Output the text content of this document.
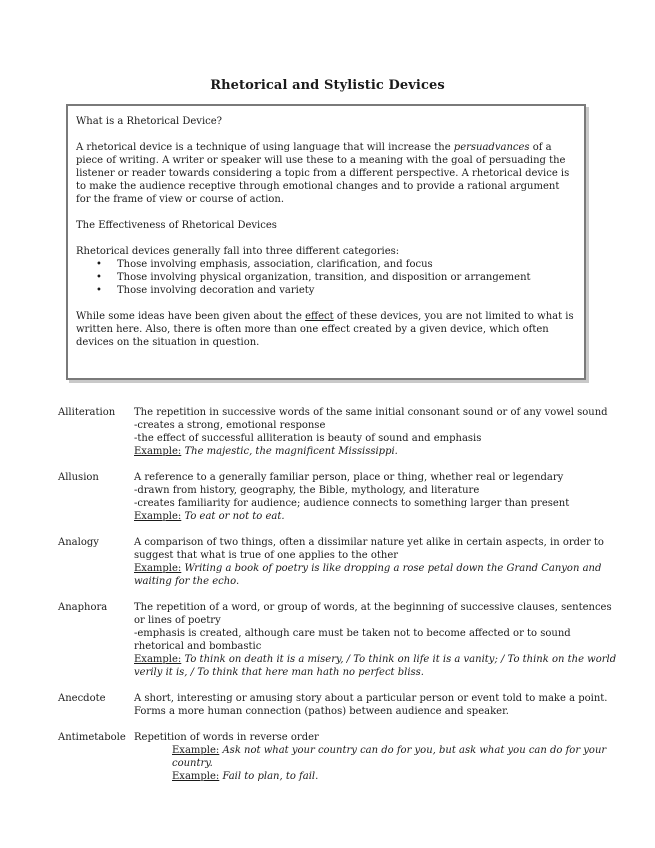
Rhetorical and Stylistic Devices

What is a Rhetorical Device?

A rhetorical device is a technique of using language that will increase the persuadvances of a piece of writing. A writer or speaker will use these to a meaning with the goal of persuading the listener or reader towards considering a topic from a different perspective. A rhetorical device is to make the audience receptive through emotional changes and to provide a rational argument for the frame of view or course of action.

The Effectiveness of Rhetorical Devices

Rhetorical devices generally fall into three different categories:

• Those involving emphasis, association, clarification, and focus
• Those involving physical organization, transition, and disposition or arrangement
• Those involving decoration and variety

While some ideas have been given about the effect of these devices, you are not limited to what is written here. Also, there is often more than one effect created by a given device, which often devices on the situation in question.

Alliteration	The repetition in successive words of the same initial consonant sound or of any vowel sound
-creates a strong, emotional response
-the effect of successful alliteration is beauty of sound and emphasis
Example: The majestic, the magnificent Mississippi.
Allusion	A reference to a generally familiar person, place or thing, whether real or legendary
-drawn from history, geography, the Bible, mythology, and literature
-creates familiarity for audience; audience connects to something larger than present
Example: To eat or not to eat.
Analogy	A comparison of two things, often a dissimilar nature yet alike in certain aspects, in order to suggest that what is true of one applies to the other
Example: Writing a book of poetry is like dropping a rose petal down the Grand Canyon and waiting for the echo.
Anaphora	The repetition of a word, or group of words, at the beginning of successive clauses, sentences or lines of poetry
-emphasis is created, although care must be taken not to become affected or to sound rhetorical and bombastic
Example: To think on death it is a misery, / To think on life it is a vanity; / To think on the world verily it is, / To think that here man hath no perfect bliss.
Anecdote	A short, interesting or amusing story about a particular person or event told to make a point. Forms a more human connection (pathos) between audience and speaker.
Antimetabole Repetition of words in reverse order
Example: Ask not what your country can do for you, but ask what you can do for your country.
Example: Fail to plan, to fail.
